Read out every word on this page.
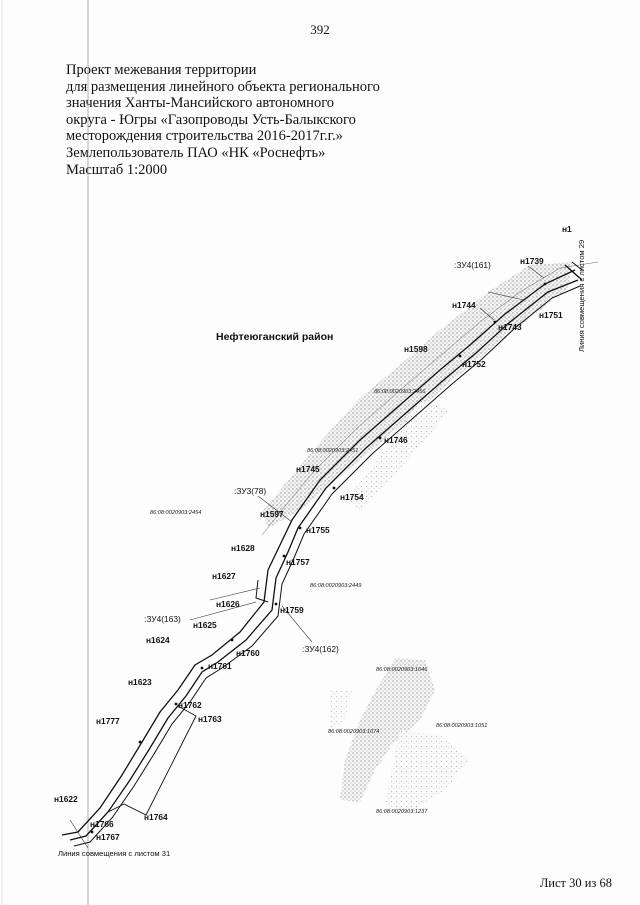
392
Проект межевания территории
для размещения линейного объекта регионального
значения Ханты-Мансийского автономного
округа - Югры «Газопроводы Усть-Балыкского
месторождения строительства 2016-2017г.г.»
Землепользователь ПАО «НК «Роснефть»
Масштаб 1:2000
Нефтеюганский район	Линия совмещения с листом 29
Линия совмещения с листом 31
:ЗУ4(161)
:ЗУ3(78)
:ЗУ4(163)
:ЗУ4(162)
н1
н1739
н1744
н1743
н1751
н1598
н1752
н1746
н1745
н1754
н1597
н1755
н1628
н1757
н1627
н1626
н1759
н1625
н1624
н1760
н1761
н1623
н1762
н1763
н1777
н1622
н1764
н1766
н1767
86:08:0020903:2456
86:08:0020903:2454
86:08:0020903:2451
86:08:0020903:2449
86:08:0020903:1646
86:08:0020903:1051
86:08:0020903:1074
86:08:0020903:1237
Лист 30 из 68
